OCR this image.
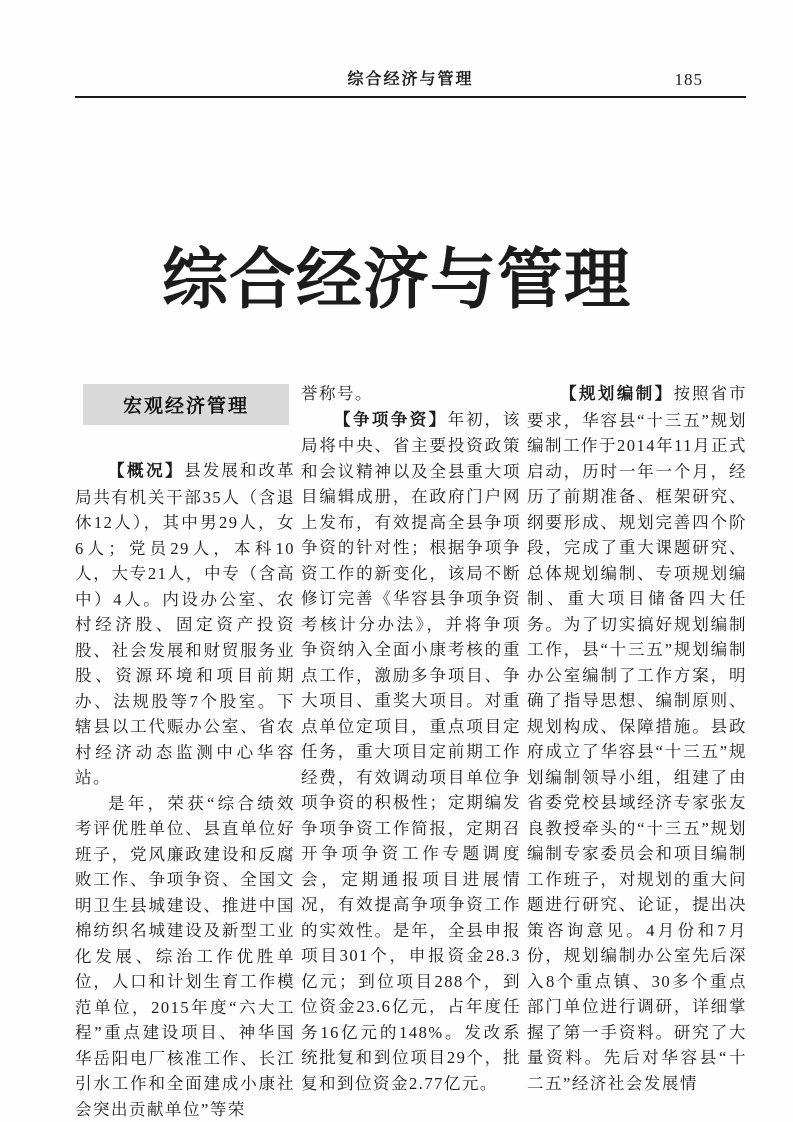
综合经济与管理	185
综合经济与管理
宏观经济管理

【概况】县发展和改革局共有机关干部35人（含退休12人），其中男29人，女6人；党员29人，本科10人，大专21人，中专（含高中）4人。内设办公室、农村经济股、固定资产投资股、社会发展和财贸服务业股、资源环境和项目前期办、法规股等7个股室。下辖县以工代赈办公室、省农村经济动态监测中心华容站。

是年，荣获“综合绩效考评优胜单位、县直单位好班子，党风廉政建设和反腐败工作、争项争资、全国文明卫生县城建设、推进中国棉纺织名城建设及新型工业化发展、综治工作优胜单位，人口和计划生育工作模范单位，2015年度“六大工程”重点建设项目、神华国华岳阳电厂核准工作、长江引水工作和全面建成小康社会突出贡献单位”等荣

誉称号。

【争项争资】年初，该局将中央、省主要投资政策和会议精神以及全县重大项目编辑成册，在政府门户网上发布，有效提高全县争项争资的针对性；根据争项争资工作的新变化，该局不断修订完善《华容县争项争资考核计分办法》，并将争项争资纳入全面小康考核的重点工作，激励多争项目、争大项目、重奖大项目。对重点单位定项目，重点项目定任务，重大项目定前期工作经费，有效调动项目单位争项争资的积极性；定期编发争项争资工作简报，定期召开争项争资工作专题调度会，定期通报项目进展情况，有效提高争项争资工作的实效性。是年，全县申报项目301个，申报资金28.3亿元；到位项目288个，到位资金23.6亿元，占年度任务16亿元的148%。发改系统批复和到位项目29个，批复和到位资金2.77亿元。

【规划编制】按照省市要求，华容县“十三五”规划编制工作于2014年11月正式启动，历时一年一个月，经历了前期准备、框架研究、纲要形成、规划完善四个阶段，完成了重大课题研究、总体规划编制、专项规划编制、重大项目储备四大任务。为了切实搞好规划编制工作，县“十三五”规划编制办公室编制了工作方案，明确了指导思想、编制原则、规划构成、保障措施。县政府成立了华容县“十三五”规划编制领导小组，组建了由省委党校县域经济专家张友良教授牵头的“十三五”规划编制专家委员会和项目编制工作班子，对规划的重大问题进行研究、论证，提出决策咨询意见。4月份和7月份，规划编制办公室先后深入8个重点镇、30多个重点部门单位进行调研，详细掌握了第一手资料。研究了大量资料。先后对华容县“十二五”经济社会发展情
